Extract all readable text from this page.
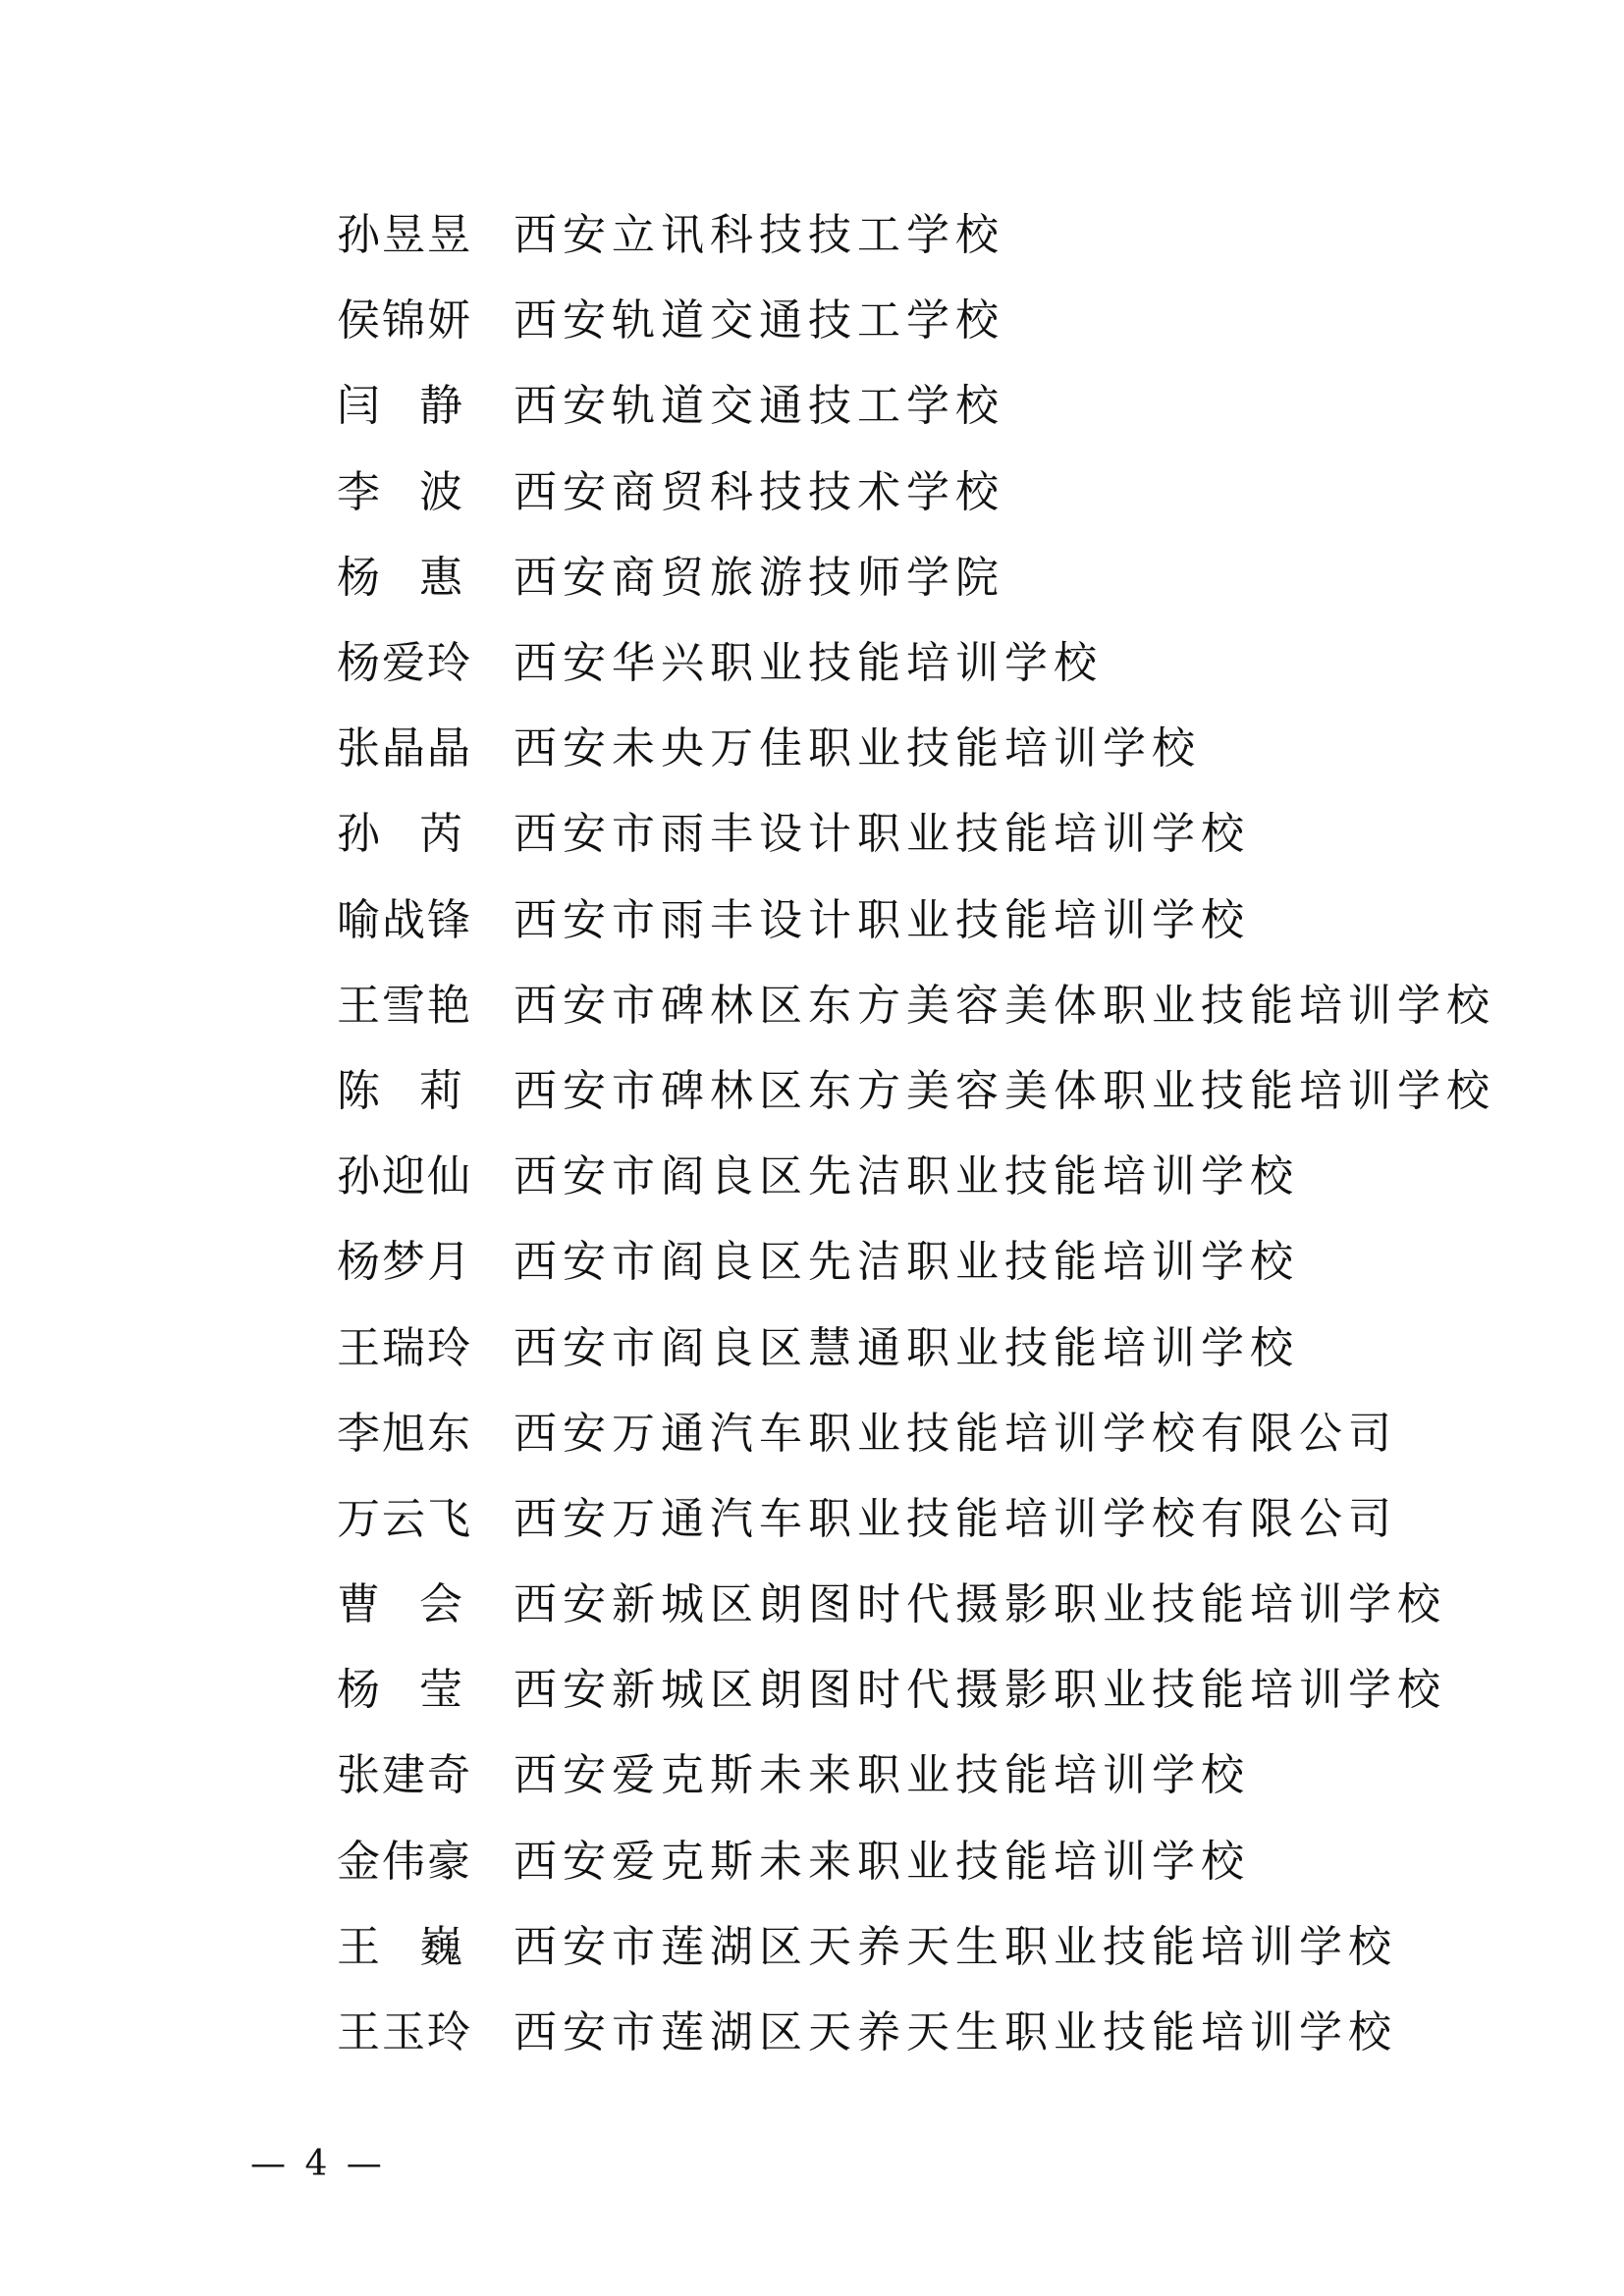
孙昱昱 西安立讯科技技工学校
侯锦妍 西安轨道交通技工学校
闫 静 西安轨道交通技工学校
李 波 西安商贸科技技术学校
杨 惠 西安商贸旅游技师学院
杨爱玲 西安华兴职业技能培训学校
张晶晶 西安未央万佳职业技能培训学校
孙 芮 西安市雨丰设计职业技能培训学校
喻战锋 西安市雨丰设计职业技能培训学校
王雪艳 西安市碑林区东方美容美体职业技能培训学校
陈 莉 西安市碑林区东方美容美体职业技能培训学校
孙迎仙 西安市阎良区先洁职业技能培训学校
杨梦月 西安市阎良区先洁职业技能培训学校
王瑞玲 西安市阎良区慧通职业技能培训学校
李旭东 西安万通汽车职业技能培训学校有限公司
万云飞 西安万通汽车职业技能培训学校有限公司
曹 会 西安新城区朗图时代摄影职业技能培训学校
杨 莹 西安新城区朗图时代摄影职业技能培训学校
张建奇 西安爱克斯未来职业技能培训学校
金伟豪 西安爱克斯未来职业技能培训学校
王 巍 西安市莲湖区天养天生职业技能培训学校
王玉玲 西安市莲湖区天养天生职业技能培训学校
— 4 —
